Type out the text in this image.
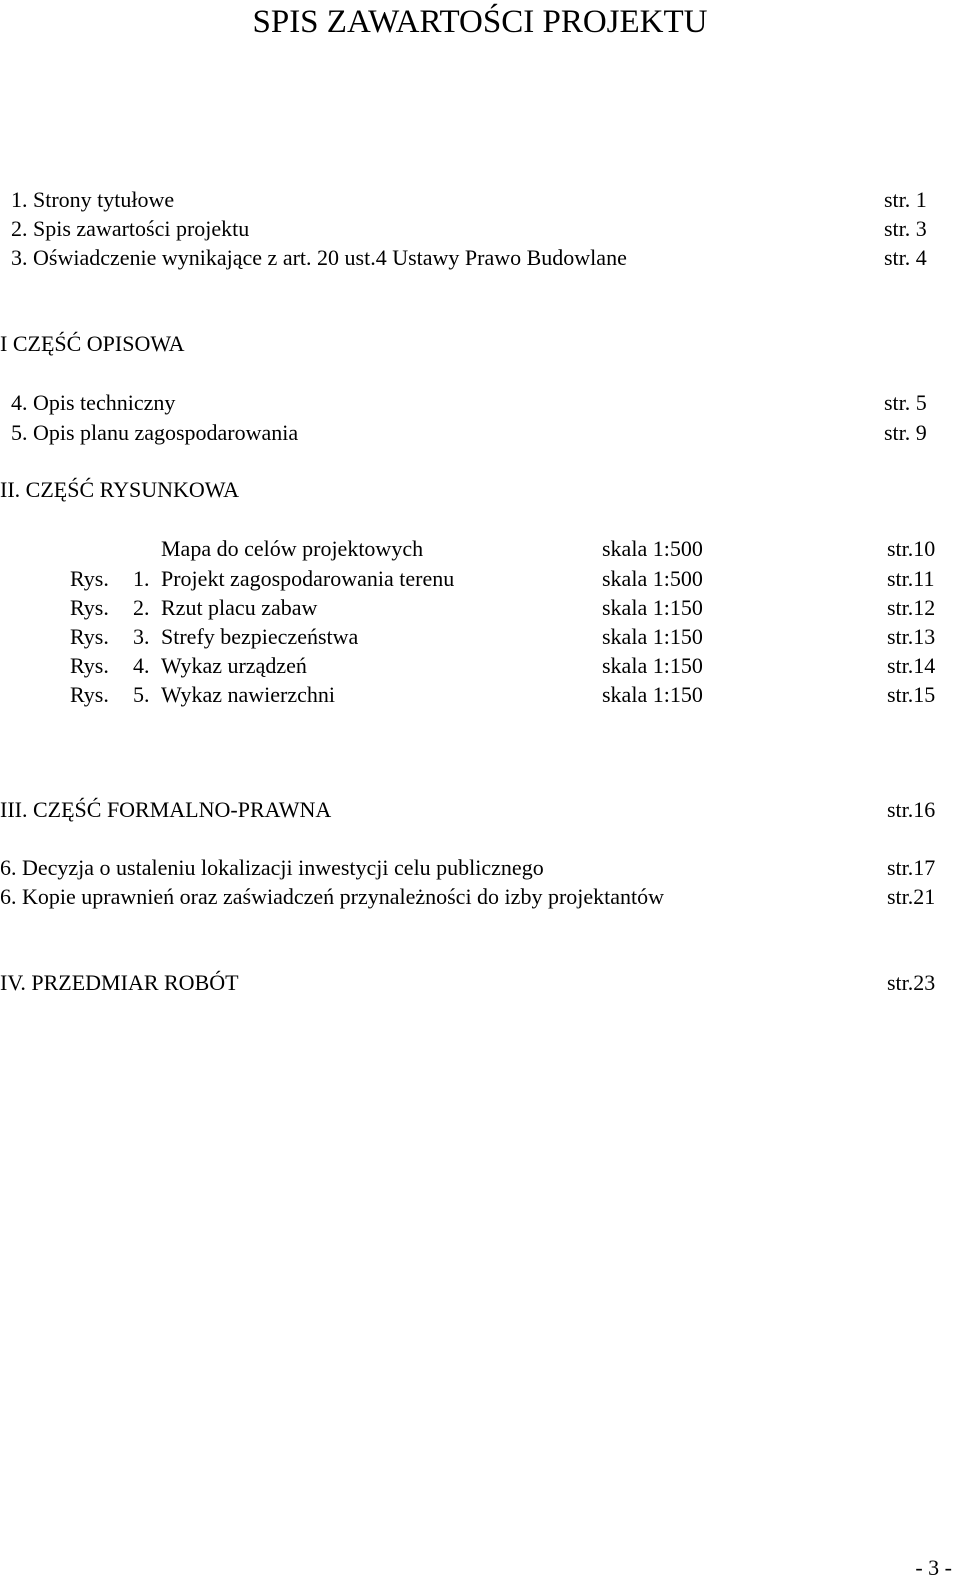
SPIS ZAWARTOŚCI PROJEKTU
1. Strony tytułowe	str. 1
2. Spis zawartości projektu	str. 3
3. Oświadczenie wynikające z art. 20 ust.4 Ustawy Prawo Budowlane	str. 4
I CZĘŚĆ OPISOWA
4. Opis techniczny	str. 5
5. Opis planu zagospodarowania	str. 9
II. CZĘŚĆ RYSUNKOWA
Mapa do celów projektowych	skala 1:500	str.10
Rys. 1. Projekt zagospodarowania terenu	skala 1:500	str.11
Rys. 2. Rzut placu zabaw	skala 1:150	str.12
Rys. 3. Strefy bezpieczeństwa	skala 1:150	str.13
Rys. 4. Wykaz urządzeń	skala 1:150	str.14
Rys. 5. Wykaz nawierzchni	skala 1:150	str.15
III. CZĘŚĆ FORMALNO-PRAWNA	str.16
6. Decyzja o ustaleniu lokalizacji inwestycji celu publicznego	str.17
6. Kopie uprawnień oraz zaświadczeń przynależności do izby projektantów	str.21
IV. PRZEDMIAR ROBÓT	str.23
- 3 -
